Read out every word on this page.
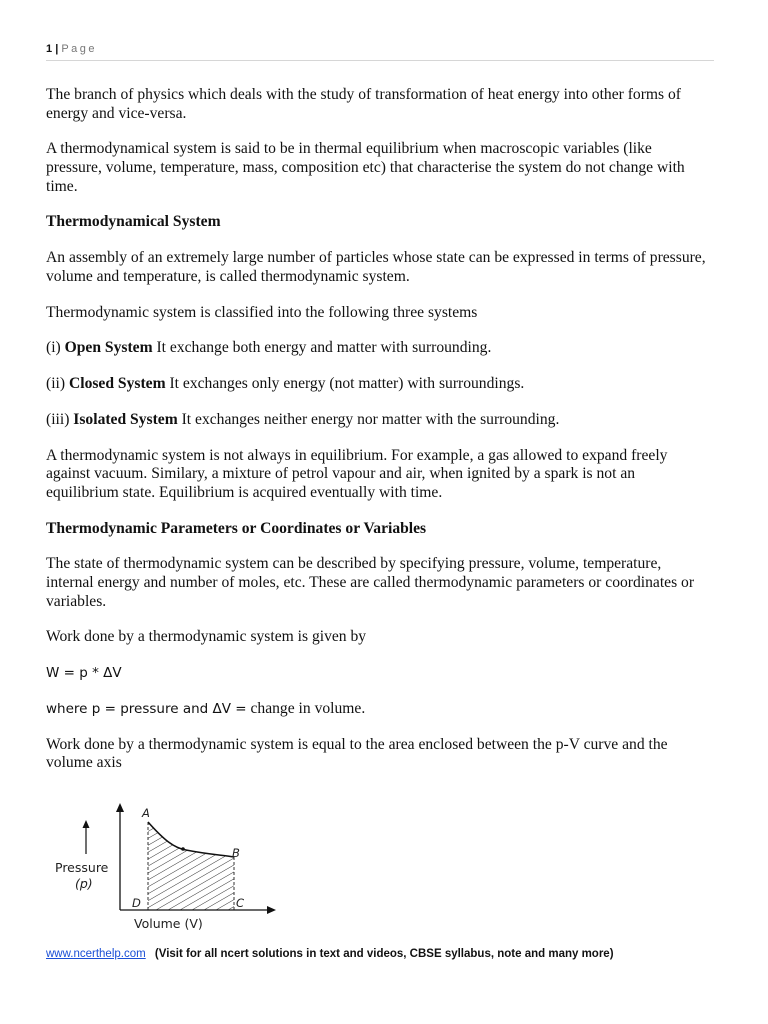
1 | Page

The branch of physics which deals with the study of transformation of heat energy into other forms of energy and vice-versa.

A thermodynamical system is said to be in thermal equilibrium when macroscopic variables (like pressure, volume, temperature, mass, composition etc) that characterise the system do not change with time.

Thermodynamical System

An assembly of an extremely large number of particles whose state can be expressed in terms of pressure, volume and temperature, is called thermodynamic system.

Thermodynamic system is classified into the following three systems

(i) Open System It exchange both energy and matter with surrounding.

(ii) Closed System It exchanges only energy (not matter) with surroundings.

(iii) Isolated System It exchanges neither energy nor matter with the surrounding.

A thermodynamic system is not always in equilibrium. For example, a gas allowed to expand freely against vacuum. Similary, a mixture of petrol vapour and air, when ignited by a spark is not an equilibrium state. Equilibrium is acquired eventually with time.

Thermodynamic Parameters or Coordinates or Variables

The state of thermodynamic system can be described by specifying pressure, volume, temperature, internal energy and number of moles, etc. These are called thermodynamic parameters or coordinates or variables.

Work done by a thermodynamic system is given by

W = p * ΔV

where p = pressure and ΔV = change in volume.

Work done by a thermodynamic system is equal to the area enclosed between the p-V curve and the volume axis

Pressure
(p)
Volume (V)
A
B
C
D
www.ncerthelp.com (Visit for all ncert solutions in text and videos, CBSE syllabus, note and many more)
